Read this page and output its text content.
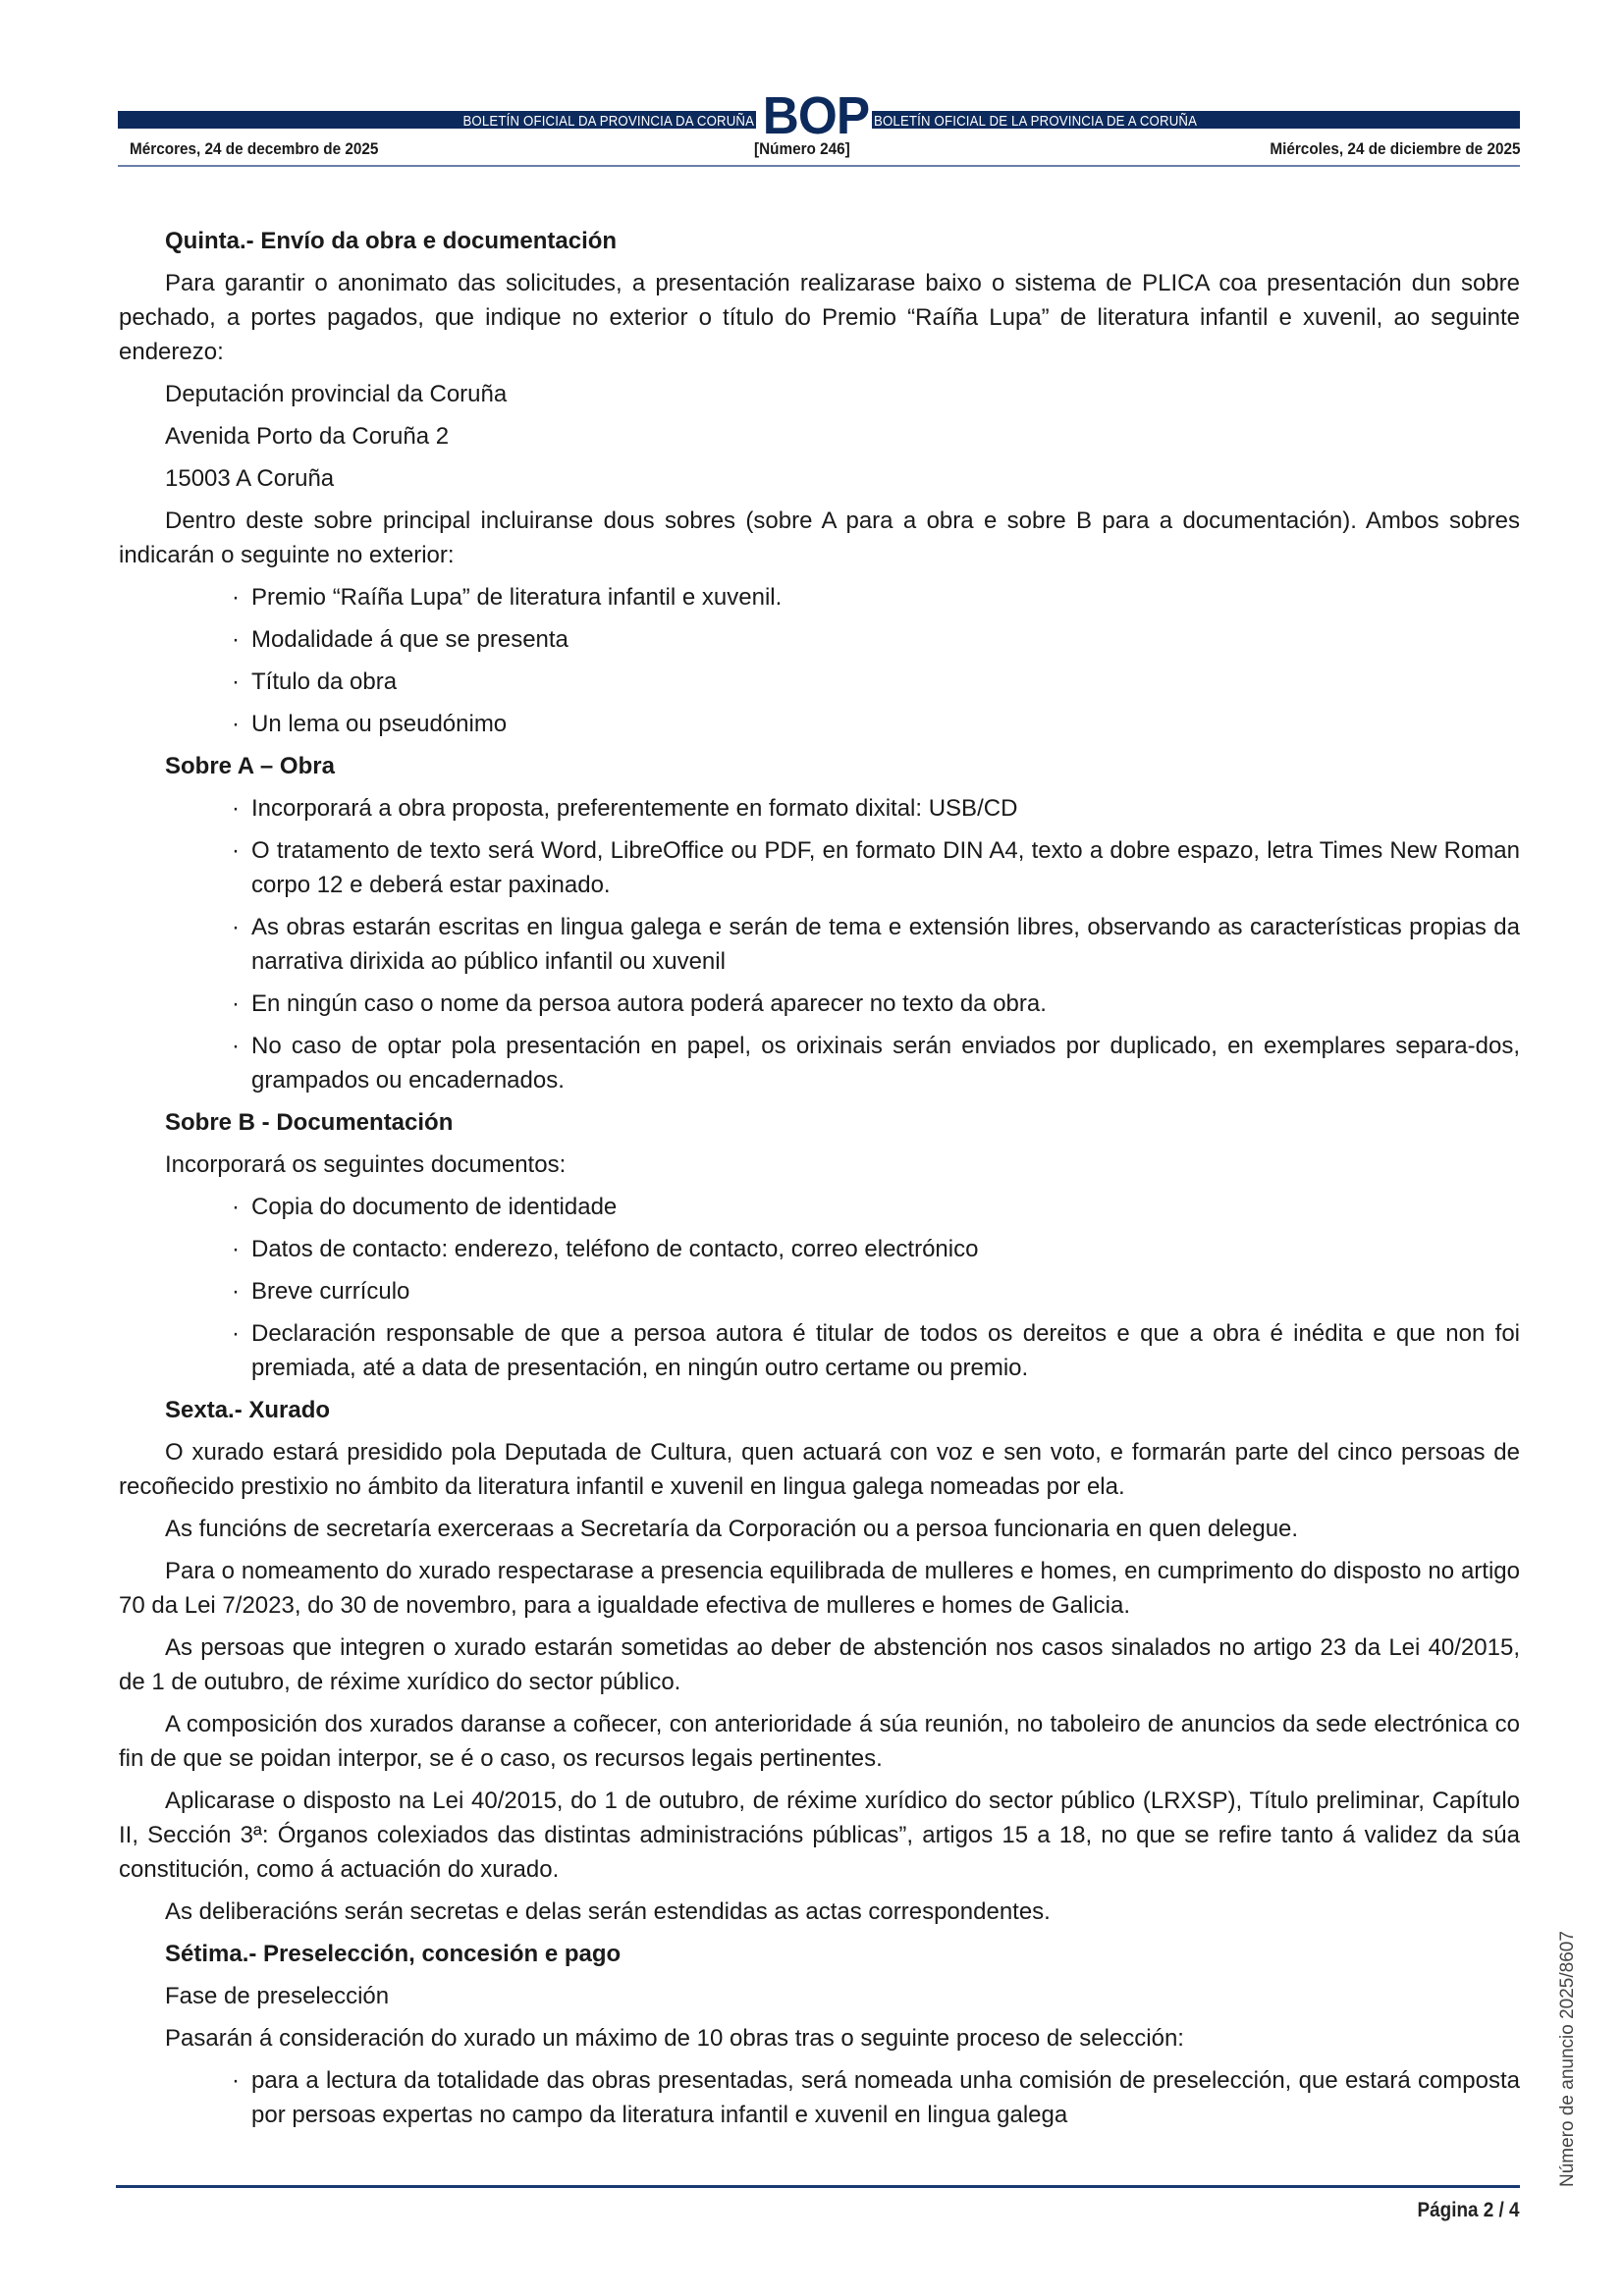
BOLETÍN OFICIAL DA PROVINCIA DA CORUÑA BOP BOLETÍN OFICIAL DE LA PROVINCIA DE A CORUÑA
Mércores, 24 de decembro de 2025	[Número 246]	Miércoles, 24 de diciembre de 2025

Quinta.- Envío da obra e documentación

Para garantir o anonimato das solicitudes, a presentación realizarase baixo o sistema de PLICA coa presentación dun sobre pechado, a portes pagados, que indique no exterior o título do Premio “Raíña Lupa” de literatura infantil e xuvenil, ao seguinte enderezo:

Deputación provincial da Coruña

Avenida Porto da Coruña 2

15003 A Coruña

Dentro deste sobre principal incluiranse dous sobres (sobre A para a obra e sobre B para a documentación). Ambos sobres indicarán o seguinte no exterior:

· Premio “Raíña Lupa” de literatura infantil e xuvenil.
· Modalidade á que se presenta
· Título da obra
· Un lema ou pseudónimo

Sobre A – Obra

· Incorporará a obra proposta, preferentemente en formato dixital: USB/CD
· O tratamento de texto será Word, LibreOffice ou PDF, en formato DIN A4, texto a dobre espazo, letra Times New Roman corpo 12 e deberá estar paxinado.
· As obras estarán escritas en lingua galega e serán de tema e extensión libres, observando as características propias da narrativa dirixida ao público infantil ou xuvenil
· En ningún caso o nome da persoa autora poderá aparecer no texto da obra.
· No caso de optar pola presentación en papel, os orixinais serán enviados por duplicado, en exemplares separa-dos, grampados ou encadernados.

Sobre B - Documentación

Incorporará os seguintes documentos:

· Copia do documento de identidade
· Datos de contacto: enderezo, teléfono de contacto, correo electrónico
· Breve currículo
· Declaración responsable de que a persoa autora é titular de todos os dereitos e que a obra é inédita e que non foi premiada, até a data de presentación, en ningún outro certame ou premio.

Sexta.- Xurado

O xurado estará presidido pola Deputada de Cultura, quen actuará con voz e sen voto, e formarán parte del cinco persoas de recoñecido prestixio no ámbito da literatura infantil e xuvenil en lingua galega nomeadas por ela.

As funcións de secretaría exerceraas a Secretaría da Corporación ou a persoa funcionaria en quen delegue.

Para o nomeamento do xurado respectarase a presencia equilibrada de mulleres e homes, en cumprimento do disposto no artigo 70 da Lei 7/2023, do 30 de novembro, para a igualdade efectiva de mulleres e homes de Galicia.

As persoas que integren o xurado estarán sometidas ao deber de abstención nos casos sinalados no artigo 23 da Lei 40/2015, de 1 de outubro, de réxime xurídico do sector público.

A composición dos xurados daranse a coñecer, con anterioridade á súa reunión, no taboleiro de anuncios da sede electrónica co fin de que se poidan interpor, se é o caso, os recursos legais pertinentes.

Aplicarase o disposto na Lei 40/2015, do 1 de outubro, de réxime xurídico do sector público (LRXSP), Título preliminar, Capítulo II, Sección 3ª: Órganos colexiados das distintas administracións públicas”, artigos 15 a 18, no que se refire tanto á validez da súa constitución, como á actuación do xurado.

As deliberacións serán secretas e delas serán estendidas as actas correspondentes.

Sétima.- Preselección, concesión e pago

Fase de preselección

Pasarán á consideración do xurado un máximo de 10 obras tras o seguinte proceso de selección:

· para a lectura da totalidade das obras presentadas, será nomeada unha comisión de preselección, que estará composta por persoas expertas no campo da literatura infantil e xuvenil en lingua galega	Número de anuncio 2025/8607
Página 2 / 4
